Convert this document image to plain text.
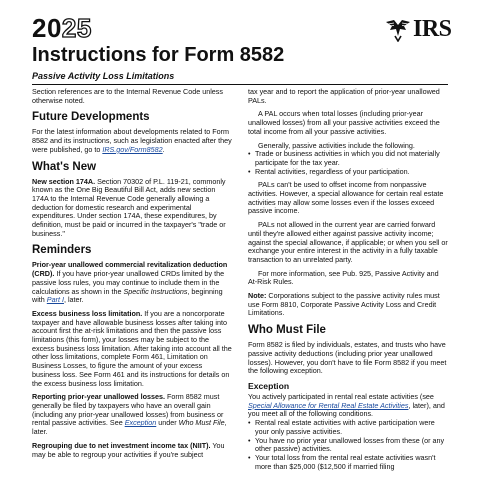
2025	IRS
Instructions for Form 8582
Passive Activity Loss Limitations

Section references are to the Internal Revenue Code unless otherwise noted.

Future Developments

For the latest information about developments related to Form 8582 and its instructions, such as legislation enacted after they were published, go to IRS.gov/Form8582.

What's New

New section 174A. Section 70302 of P.L. 119-21, commonly known as the One Big Beautiful Bill Act, adds new section 174A to the Internal Revenue Code generally allowing a deduction for domestic research and experimental expenditures. Under section 174A, these expenditures, by definition, must be paid or incurred in the taxpayer's "trade or business."

Reminders

Prior-year unallowed commercial revitalization deduction (CRD). If you have prior-year unallowed CRDs limited by the passive loss rules, you may continue to include them in the calculations as shown in the Specific Instructions, beginning with Part I, later.

Excess business loss limitation. If you are a noncorporate taxpayer and have allowable business losses after taking into account first the at-risk limitations and then the passive loss limitations (this form), your losses may be subject to the excess business loss limitation. After taking into account all the other loss limitations, complete Form 461, Limitation on Business Losses, to figure the amount of your excess business loss. See Form 461 and its instructions for details on the excess business loss limitation.

Reporting prior-year unallowed losses. Form 8582 must generally be filed by taxpayers who have an overall gain (including any prior-year unallowed losses) from business or rental passive activities. See Exception under Who Must File, later.

Regrouping due to net investment income tax (NIIT). You may be able to regroup your activities if you're subject

tax year and to report the application of prior-year unallowed PALs.

A PAL occurs when total losses (including prior-year unallowed losses) from all your passive activities exceed the total income from all your passive activities.

Generally, passive activities include the following.

• Trade or business activities in which you did not materially participate for the tax year.
• Rental activities, regardless of your participation.

PALs can't be used to offset income from nonpassive activities. However, a special allowance for certain real estate activities may allow some losses even if the losses exceed passive income.

PALs not allowed in the current year are carried forward until they're allowed either against passive activity income; against the special allowance, if applicable; or when you sell or exchange your entire interest in the activity in a fully taxable transaction to an unrelated party.

For more information, see Pub. 925, Passive Activity and At-Risk Rules.

Note: Corporations subject to the passive activity rules must use Form 8810, Corporate Passive Activity Loss and Credit Limitations.

Who Must File

Form 8582 is filed by individuals, estates, and trusts who have passive activity deductions (including prior year unallowed losses). However, you don't have to file Form 8582 if you meet the following exception.

Exception

You actively participated in rental real estate activities (see Special Allowance for Rental Real Estate Activities, later), and you meet all of the following conditions.

• Rental real estate activities with active participation were your only passive activities.
• You have no prior year unallowed losses from these (or any other passive) activities.
• Your total loss from the rental real estate activities wasn't more than $25,000 ($12,500 if married filing
